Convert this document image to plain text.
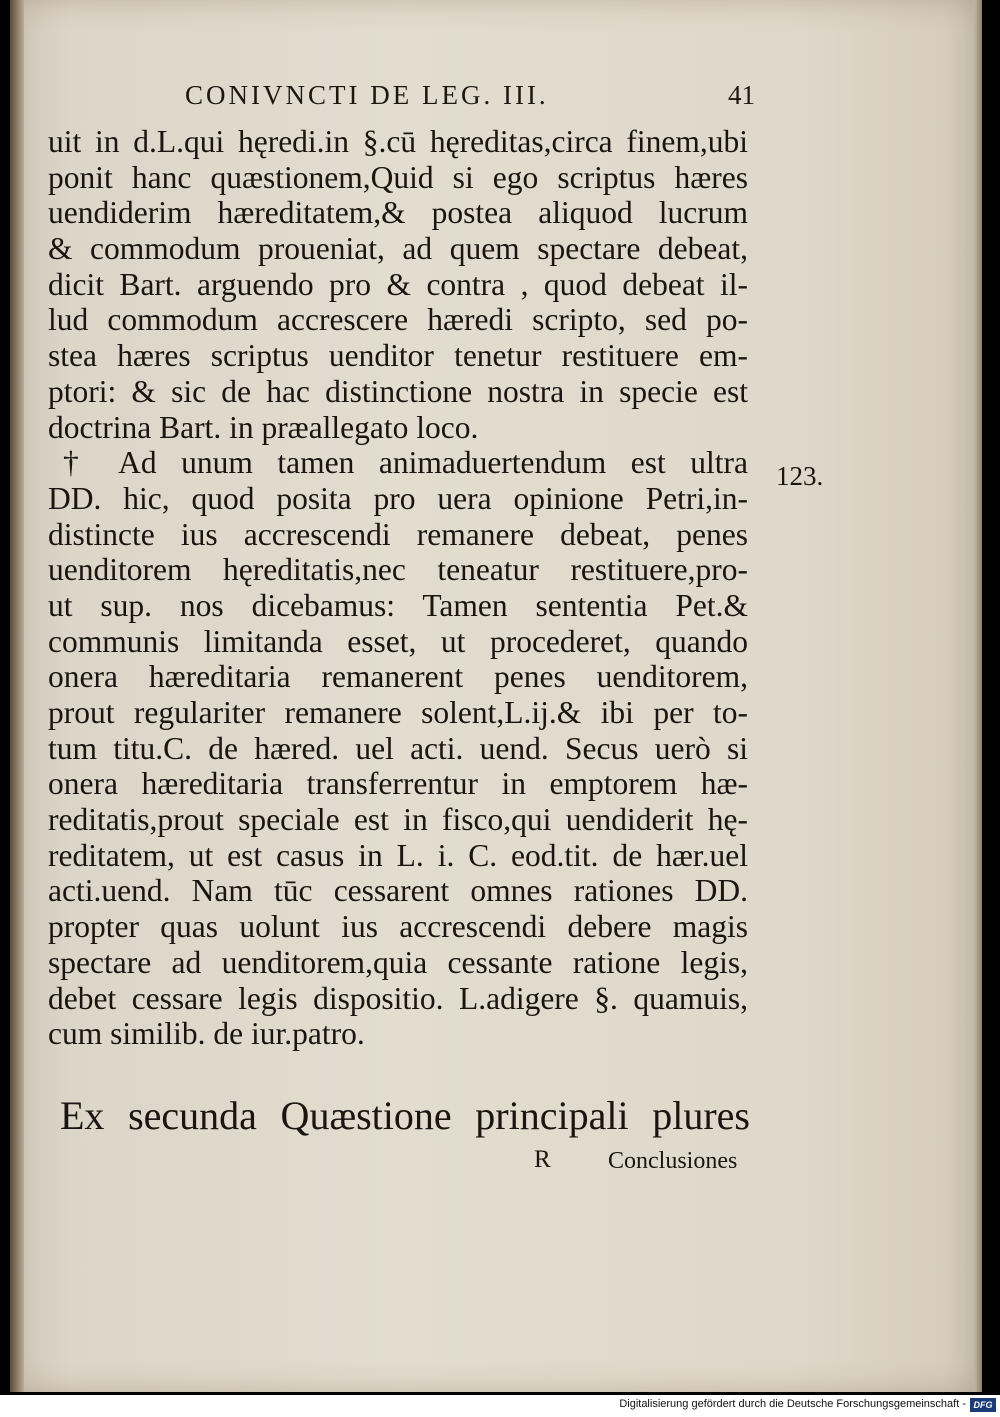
CONIVNCTI DE LEG. III.	41
uit in d.L.qui hęredi.in §.cū hęreditas,circa finem,ubi
ponit hanc quæstionem,Quid si ego scriptus hæres
uendiderim hæreditatem,& postea aliquod lucrum
& commodum proueniat, ad quem spectare debeat,
dicit Bart. arguendo pro & contra , quod debeat il-
lud commodum accrescere hæredi scripto, sed po-
stea hæres scriptus uenditor tenetur restituere em-
ptori: & sic de hac distinctione nostra in specie est
doctrina Bart. in præallegato loco.
† Ad unum tamen animaduertendum est ultra
DD. hic, quod posita pro uera opinione Petri,in-
distincte ius accrescendi remanere debeat, penes
uenditorem hęreditatis,nec teneatur restituere,pro-
ut sup. nos dicebamus: Tamen sententia Pet.&
communis limitanda esset, ut procederet, quando
onera hæreditaria remanerent penes uenditorem,
prout regulariter remanere solent,L.ij.& ibi per to-
tum titu.C. de hæred. uel acti. uend. Secus uerò si
onera hæreditaria transferrentur in emptorem hæ-
reditatis,prout speciale est in fisco,qui uendiderit hę-
reditatem, ut est casus in L. i. C. eod.tit. de hær.uel
acti.uend. Nam tūc cessarent omnes rationes DD.
propter quas uolunt ius accrescendi debere magis
spectare ad uenditorem,quia cessante ratione legis,
debet cessare legis dispositio. L.adigere §. quamuis,
cum similib. de iur.patro.
123.
Ex secunda Quæstione principali plures
R Conclusiones
Digitalisierung gefördert durch die Deutsche Forschungsgemeinschaft - DFG
